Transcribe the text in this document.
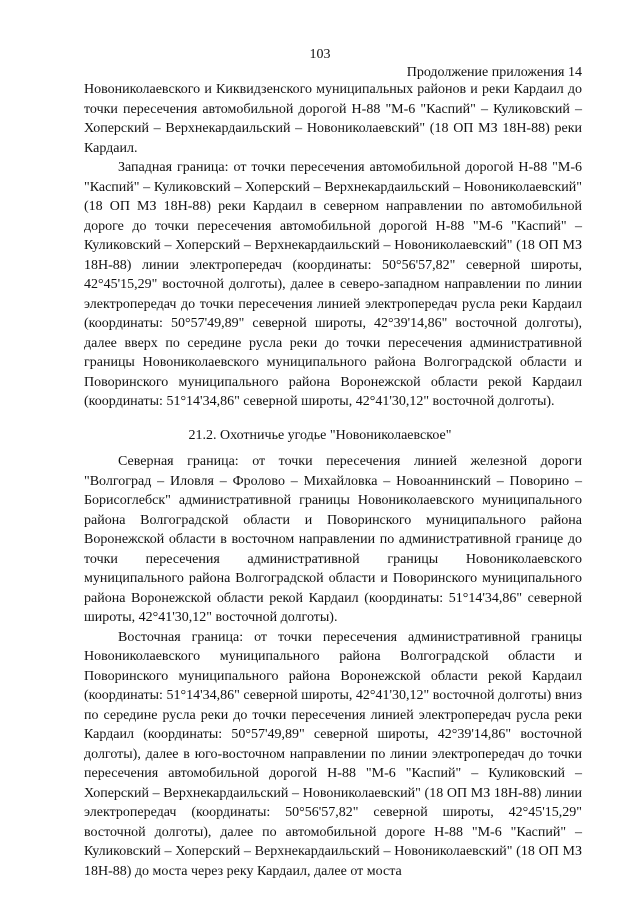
103
Продолжение приложения 14

Новониколаевского и Киквидзенского муниципальных районов и реки Кардаил до точки пересечения автомобильной дорогой Н-88 "М-6 "Каспий" – Куликовский – Хоперский – Верхнекардаильский – Новониколаевский" (18 ОП МЗ 18Н-88) реки Кардаил.

Западная граница: от точки пересечения автомобильной дорогой Н-88 "М-6 "Каспий" – Куликовский – Хоперский – Верхнекардаильский – Новониколаевский" (18 ОП МЗ 18Н-88) реки Кардаил в северном направлении по автомобильной дороге до точки пересечения автомобильной дорогой Н-88 "М-6 "Каспий" – Куликовский – Хоперский – Верхнекардаильский – Новониколаевский" (18 ОП МЗ 18Н-88) линии электропередач (координаты: 50°56'57,82" северной широты, 42°45'15,29" восточной долготы), далее в северо-западном направлении по линии электропередач до точки пересечения линией электропередач русла реки Кардаил (координаты: 50°57'49,89" северной широты, 42°39'14,86" восточной долготы), далее вверх по середине русла реки до точки пересечения административной границы Новониколаевского муниципального района Волгоградской области и Поворинского муниципального района Воронежской области рекой Кардаил (координаты: 51°14'34,86" северной широты, 42°41'30,12" восточной долготы).

21.2. Охотничье угодье "Новониколаевское"

Северная граница: от точки пересечения линией железной дороги "Волгоград – Иловля – Фролово – Михайловка – Новоаннинский – Поворино – Борисоглебск" административной границы Новониколаевского муниципального района Волгоградской области и Поворинского муниципального района Воронежской области в восточном направлении по административной границе до точки пересечения административной границы Новониколаевского муниципального района Волгоградской области и Поворинского муниципального района Воронежской области рекой Кардаил (координаты: 51°14'34,86" северной широты, 42°41'30,12" восточной долготы).

Восточная граница: от точки пересечения административной границы Новониколаевского муниципального района Волгоградской области и Поворинского муниципального района Воронежской области рекой Кардаил (координаты: 51°14'34,86" северной широты, 42°41'30,12" восточной долготы) вниз по середине русла реки до точки пересечения линией электропередач русла реки Кардаил (координаты: 50°57'49,89" северной широты, 42°39'14,86" восточной долготы), далее в юго-восточном направлении по линии электропередач до точки пересечения автомобильной дорогой Н-88 "М-6 "Каспий" – Куликовский – Хоперский – Верхнекардаильский – Новониколаевский" (18 ОП МЗ 18Н-88) линии электропередач (координаты: 50°56'57,82" северной широты, 42°45'15,29" восточной долготы), далее по автомобильной дороге Н-88 "М-6 "Каспий" – Куликовский – Хоперский – Верхнекардаильский – Новониколаевский" (18 ОП МЗ 18Н-88) до моста через реку Кардаил, далее от моста
